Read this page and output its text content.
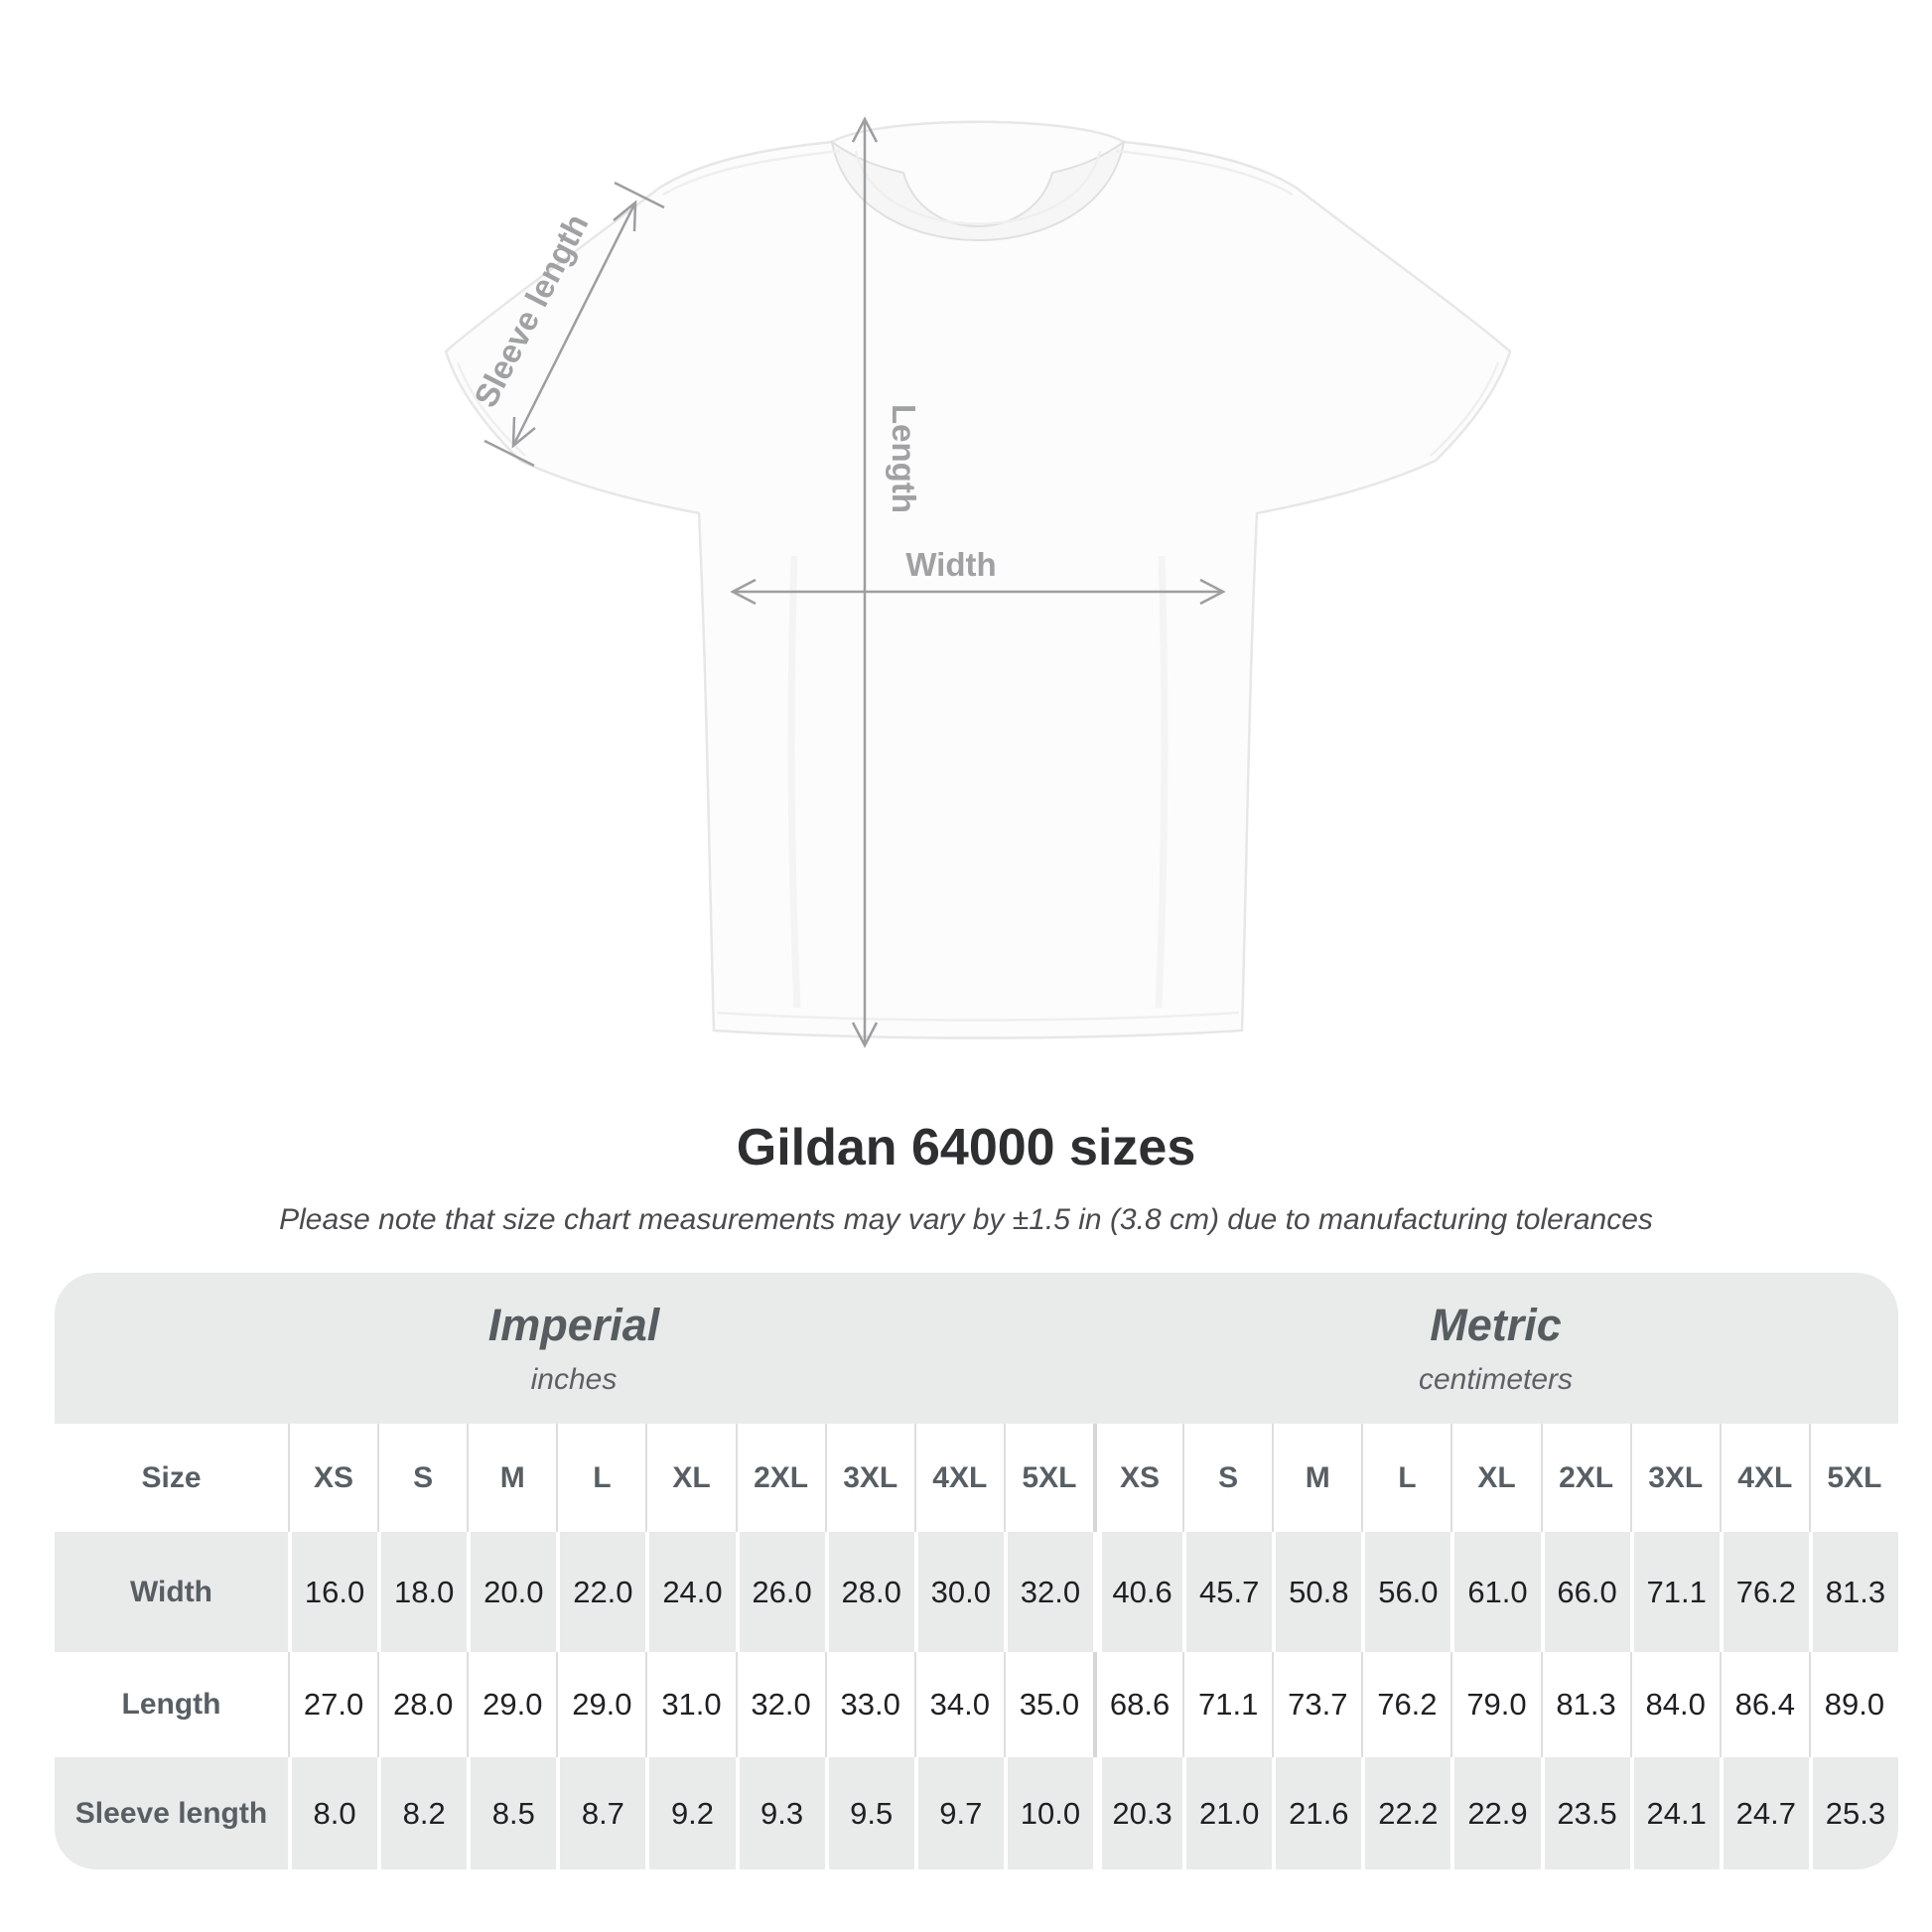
Width
Length
Sleeve length
Gildan 64000 sizes
Please note that size chart measurements may vary by ±1.5 in (3.8 cm) due to manufacturing tolerances
Imperial
inches
Metric
centimeters
Size	XS	S	M	L	XL	2XL	3XL	4XL	5XL	XS	S	M	L	XL	2XL	3XL	4XL	5XL
Width	16.0 18.0 20.0 22.0 24.0 26.0 28.0 30.0 32.0	40.6 45.7 50.8 56.0 61.0 66.0 71.1 76.2 81.3
Length	27.0 28.0 29.0 29.0 31.0 32.0 33.0 34.0 35.0 68.6 71.1 73.7 76.2 79.0 81.3 84.0 86.4 89.0
Sleeve length	8.0	8.2	8.5	8.7	9.2	9.3	9.5	9.7	10.0	20.3 21.0 21.6 22.2 22.9 23.5 24.1 24.7 25.3
